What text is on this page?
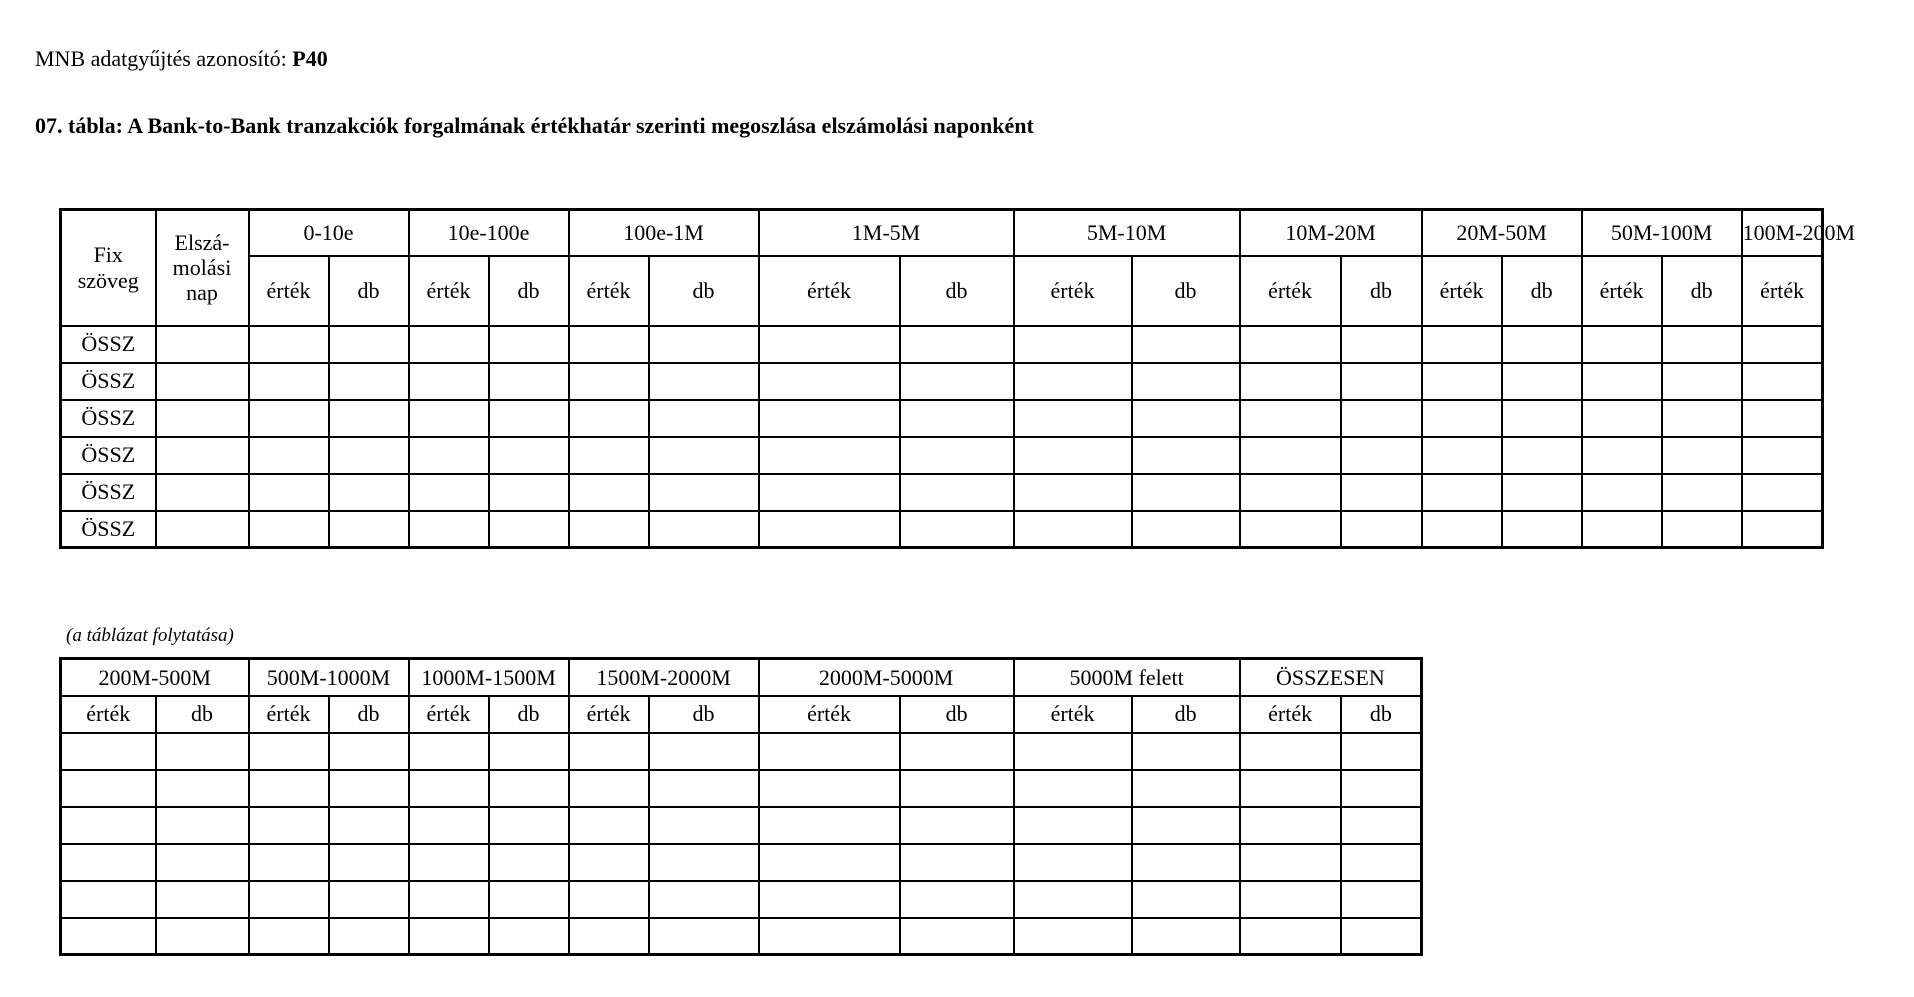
MNB adatgyűjtés azonosító: P40
07. tábla: A Bank-to-Bank tranzakciók forgalmának értékhatár szerinti megoszlása elszámolási naponként
Fix szöveg	Elszá-molási nap	0-10e		10e-100e		100e-1M		1M-5M		5M-10M		10M-20M		20M-50M		50M-100M		100M-200M	
		érték	db	érték	db	érték	db	érték	db	érték	db	érték	db	érték	db	érték	db	érték	
ÖSSZ																			
ÖSSZ																			
ÖSSZ																			
ÖSSZ																			
ÖSSZ																			
ÖSSZ																			
(a táblázat folytatása)
200M-500M		500M-1000M		1000M-1500M		1500M-2000M		2000M-5000M		5000M felett		ÖSSZESEN	
érték	db	érték	db	érték	db	érték	db	érték	db	érték	db	érték	db
